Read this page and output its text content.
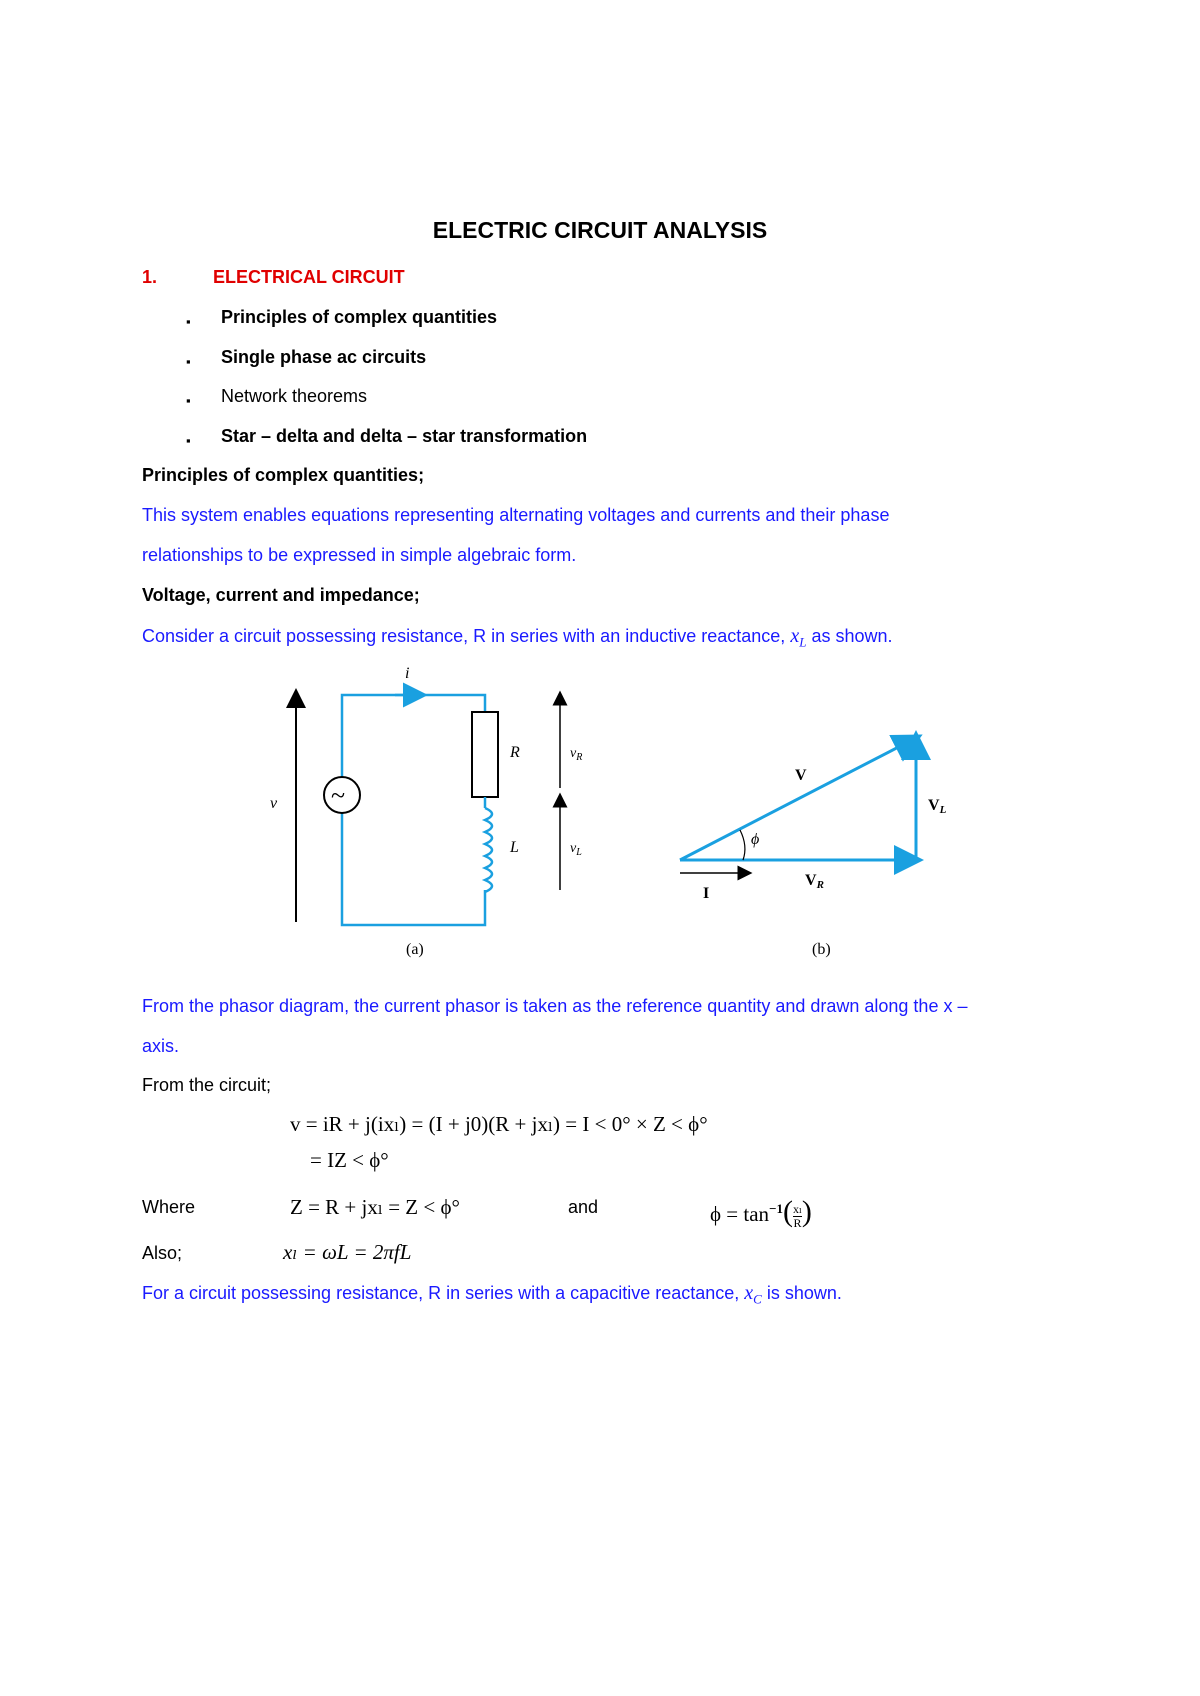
ELECTRIC CIRCUIT ANALYSIS
1.	ELECTRICAL CIRCUIT
▪ Principles of complex quantities
▪ Single phase ac circuits
▪ Network theorems
▪ Star – delta and delta – star transformation
Principles of complex quantities;
This system enables equations representing alternating voltages and currents and their phase
relationships to be expressed in simple algebraic form.
Voltage, current and impedance;
Consider a circuit possessing resistance, R in series with an inductive reactance, $x_L$ as shown.
v
i
~
R
L
$v_R$
$v_L$
(a)
ϕ
V
VL
VR
I
(b)
From the phasor diagram, the current phasor is taken as the reference quantity and drawn along the x –
axis.
From the circuit;
v = iR + j(ixₗ) = (I + j0)(R + jxₗ) = I < 0° × Z < ϕ°
= IZ < ϕ°
Where	Z = R + jxₗ = Z < ϕ°	and	$\phi = \tan^{-1}( \frac{\text{xₗ}}{R}$ )
Also;	xₗ = ωL = 2πfL
For a circuit possessing resistance, R in series with a capacitive reactance, $x_C$ is shown.
